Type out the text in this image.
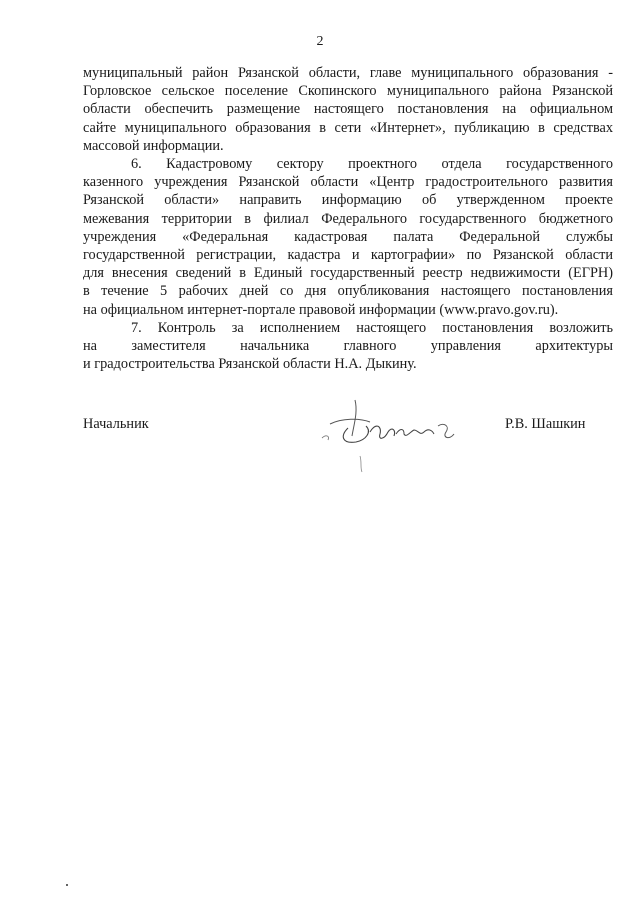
2
муниципальный район Рязанской области, главе муниципального образования -
Горловское сельское поселение Скопинского муниципального района Рязанской
области обеспечить размещение настоящего постановления на официальном
сайте муниципального образования в сети «Интернет», публикацию в средствах
массовой информации.
6. Кадастровому сектору проектного отдела государственного
казенного учреждения Рязанской области «Центр градостроительного развития
Рязанской области» направить информацию об утвержденном проекте
межевания территории в филиал Федерального государственного бюджетного
учреждения «Федеральная кадастровая палата Федеральной службы
государственной регистрации, кадастра и картографии» по Рязанской области
для внесения сведений в Единый государственный реестр недвижимости (ЕГРН)
в течение 5 рабочих дней со дня опубликования настоящего постановления
на официальном интернет-портале правовой информации (www.pravo.gov.ru).
7. Контроль за исполнением настоящего постановления возложить
на заместителя начальника главного управления архитектуры
и градостроительства Рязанской области Н.А. Дыкину.
Начальник	Р.В. Шашкин
